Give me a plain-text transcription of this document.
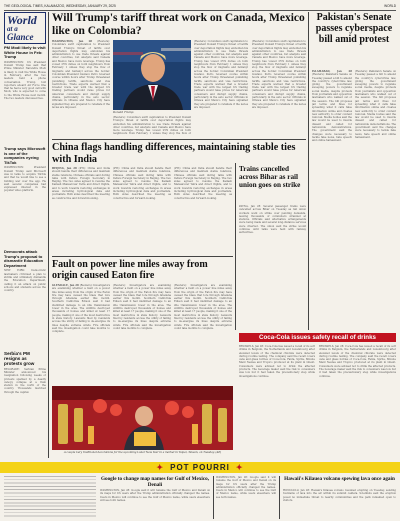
THE GEOLOGICAL TIMES, KALAMAZOO, WEDNESDAY, JANUARY 29, 2025	WORLD
World
at a
Glance
PM Modi likely to visit White House in Feb: Trump
WASHINGTON: US President Donald Trump has said that Prime Minister Narendra Modi is likely to visit the White House in February, after the two leaders held a phone conversation. Trump told reporters aboard Air Force One that he had a very good call with Modi, who is expected to come to the White House next month. The two leaders discussed ties.
Trump says Microsoft is one of the companies eyeing TikTok
WASHINGTON: President Donald Trump said Microsoft was in talks to acquire TikTok and that he would like to see a bidding war over the app. He said several companies had expressed interest in the popular video platform.
Democrats attack Trump's proposal to dismantle Education Department
NEW YORK: Democratic lawmakers criticised a plan to shrink and ultimately dismantle the Education Department, calling it an attack on public schools and students across the country.
Serbia's PM resigns as protests grow
BELGRADE: Serbian Prime Minister announced his resignation following weeks of protests sparked by a deadly canopy collapse at a train station in the north of the country. Thousands marched through the capital.
Will Trump's tariff threat work on Canada, Mexico like on Colombia?
WASHINGTON, Jan 28 (Reuters): Colombia's swift capitulation to President Donald Trump's threat of tariffs over deportation flights may embolden his administration to use trade threats against other countries, but analysts said Canada and Mexico have more leverage. Trump has vowed 25% duties on both neighbours from February 1 unless they stop the flow of migrants and fentanyl across the border. Colombian President Gustavo Petro reversed course within hours after Trump threatened punishing tariffs, sanctions and visa restrictions. Trade experts warned that a broader trade war with the largest US trading partners would raise prices for American consumers and disrupt supply chains, particularly in the auto sector. Officials in Ottawa and Mexico City have signalled they are prepared to retaliate if the levies are imposed.
Donald Trump
(Reuters): Colombia's swift capitulation to President Donald Trump's threat of tariffs over deportation flights may embolden his administration to use trade threats against other countries, but analysts said Canada and Mexico have more leverage. Trump has vowed 25% duties on both neighbours from February 1 unless they stop the flow of migrants and fentanyl across the border. Colombian President Gustavo Petro reversed course within hours after Trump threatened punishing tariffs, sanctions and visa restrictions. Trade experts warned that a broader trade war with the largest US trading partners would raise prices for American consumers and disrupt supply chains, particularly in the auto sector. Officials in Ottawa and Mexico City have signalled they are prepared to retaliate if the levies are imposed.
(Reuters): Colombia's swift capitulation to President Donald Trump's threat of tariffs over deportation flights may embolden his administration to use trade threats against other countries, but analysts said Canada and Mexico have more leverage. Trump has vowed 25% duties on both neighbours from February 1 unless they stop the flow of migrants and fentanyl across the border. Colombian President Gustavo Petro reversed course within hours after Trump threatened punishing tariffs, sanctions and visa restrictions. Trade experts warned that a broader trade war with the largest US trading partners would raise prices for American consumers and disrupt supply chains, particularly in the auto sector. Officials in Ottawa and Mexico City have signalled they are prepared to retaliate if the levies are imposed.
(Reuters): Colombia's swift capitulation to President Donald Trump's threat of tariffs over deportation flights may embolden his administration to use trade threats against other countries, but analysts said Canada and Mexico have more leverage. Trump has vowed 25% duties on both neighbours from February 1 unless they stop the flow of
Pakistan's Senate passes cyberspace bill amid protest
ISLAMABAD, Jan 28 (Reuters): Pakistan's Senate on Tuesday passed a bill to amend the country's cybercrime law, giving the government sweeping powers to regulate social media, despite protests from journalists and opposition lawmakers who walked out of the session. The bill proposes jail terms and fines for spreading what it calls false information online and creates new authority to order content removal. Media bodies said the law would be used to muzzle dissent and called for nationwide demonstrations. The government said the changes were necessary to tackle fake news, hate speech and online harassment.
(Reuters): Pakistan's Senate on Tuesday passed a bill to amend the country's cybercrime law, giving the government sweeping powers to regulate social media, despite protests from journalists and opposition lawmakers who walked out of the session. The bill proposes jail terms and fines for spreading what it calls false information online and creates new authority to order content removal. Media bodies said the law would be used to muzzle dissent and called for nationwide demonstrations. The government said the changes were necessary to tackle fake news, hate speech and online harassment.
China flags handling differences, maintaining stable ties with India
BEIJING, Jan 28 (PTI): China and India should handle their differences and maintain stable relations, Chinese officials said during talks with India's Foreign Secretary in Beijing. The two sides agreed to resume the Kailash Mansarovar Yatra and direct flights, and to work towards restoring exchanges in areas including hydrological data and journalists. Both sides described the meeting as constructive and forward-looking.
(PTI): China and India should handle their differences and maintain stable relations, Chinese officials said during talks with India's Foreign Secretary in Beijing. The two sides agreed to resume the Kailash Mansarovar Yatra and direct flights, and to work towards restoring exchanges in areas including hydrological data and journalists. Both sides described the meeting as constructive and forward-looking.
(PTI): China and India should handle their differences and maintain stable relations, Chinese officials said during talks with India's Foreign Secretary in Beijing. The two sides agreed to resume the Kailash Mansarovar Yatra and direct flights, and to work towards restoring exchanges in areas including hydrological data and journalists. Both sides described the meeting as constructive and forward-looking.
Trains cancelled across Bihar as rail union goes on strike
PATNA, Jan 28: Several passenger trains were cancelled across Bihar on Tuesday as rail union workers went on strike over pending demands, leaving thousands of commuters stranded at stations. Officials said alternative arrangements were being made and several long-distance services were diverted. The union said the strike would continue until talks were held with railway authorities.
Fault on power line miles away from origin caused Eaton fire
GLENDALE, Jan 28 (Reuters): Investigators are examining whether a fault on a power line miles away from the origin of the Eaton fire may have caused the blaze that tore through Altadena earlier this month. Southern California Edison said it had identified damage to an idle transmission tower in the area. The wildfire destroyed thousands of homes and killed at least 17 people, making it one of the most destructive in state history. Lawsuits filed by residents accuse the utility of failing to de-energise its lines despite extreme winds. Fire officials said the investigation could take months to complete.
(Reuters): Investigators are examining whether a fault on a power line miles away from the origin of the Eaton fire may have caused the blaze that tore through Altadena earlier this month. Southern California Edison said it had identified damage to an idle transmission tower in the area. The wildfire destroyed thousands of homes and killed at least 17 people, making it one of the most destructive in state history. Lawsuits filed by residents accuse the utility of failing to de-energise its lines despite extreme winds. Fire officials said the investigation could take months to complete.
(Reuters): Investigators are examining whether a fault on a power line miles away from the origin of the Eaton fire may have caused the blaze that tore through Altadena earlier this month. Southern California Edison said it had identified damage to an idle transmission tower in the area. The wildfire destroyed thousands of homes and killed at least 17 people, making it one of the most destructive in state history. Lawsuits filed by residents accuse the utility of failing to de-energise its lines despite extreme winds. Fire officials said the investigation could take months to complete.
A couple bury traditional decorations for the upcoming Lunar New Year in a market in Taipei, Taiwan, on Tuesday. (AP)
Coca-Cola issues safety recall of drinks
BRUSSELS, Jan 28: Coca-Cola has issued a recall of its soft drinks in Belgium, the Netherlands and Luxembourg after elevated levels of the chemical chlorate were detected during routine testing. The company said the recall covers cans and glass bottles of Coca-Cola, Fanta, Sprite, Minute Maid Nestea and Tropico produced at its plant in Ghent. Consumers were advised not to drink the affected products. The beverage maker said the risk to consumers was low but it had taken the precautionary step while investigations continue.
BRUSSELS, Jan 28: Coca-Cola has issued a recall of its soft drinks in Belgium, the Netherlands and Luxembourg after elevated levels of the chemical chlorate were detected during routine testing. The company said the recall covers cans and glass bottles of Coca-Cola, Fanta, Sprite, Minute Maid Nestea and Tropico produced at its plant in Ghent. Consumers were advised not to drink the affected products. The beverage maker said the risk to consumers was low but it had taken the precautionary step while investigations continue.
✦ POT POURRI ✦
Google to change map names for Gulf of Mexico, Denali
WASHINGTON, Jan 28: Google said it will rename the Gulf of Mexico and Denali on its maps for US users after the Trump administration officially changed the names. Users in Mexico will continue to see the Gulf of Mexico name, while users elsewhere will see both names.
WASHINGTON, Jan 28: Google said it will rename the Gulf of Mexico and Denali on its maps for US users after the Trump administration officially changed the names. Users in Mexico will continue to see the Gulf of Mexico name, while users elsewhere will see both names.
Hawaii's Kilauea volcano spewing lava once again
HONOLULU, Jan 28: Hawaii's Kilauea volcano resumed erupting on Tuesday, sending fountains of lava into the air within its summit caldera. Scientists said the eruption posed no immediate threat to nearby communities and the park remained open to visitors.
